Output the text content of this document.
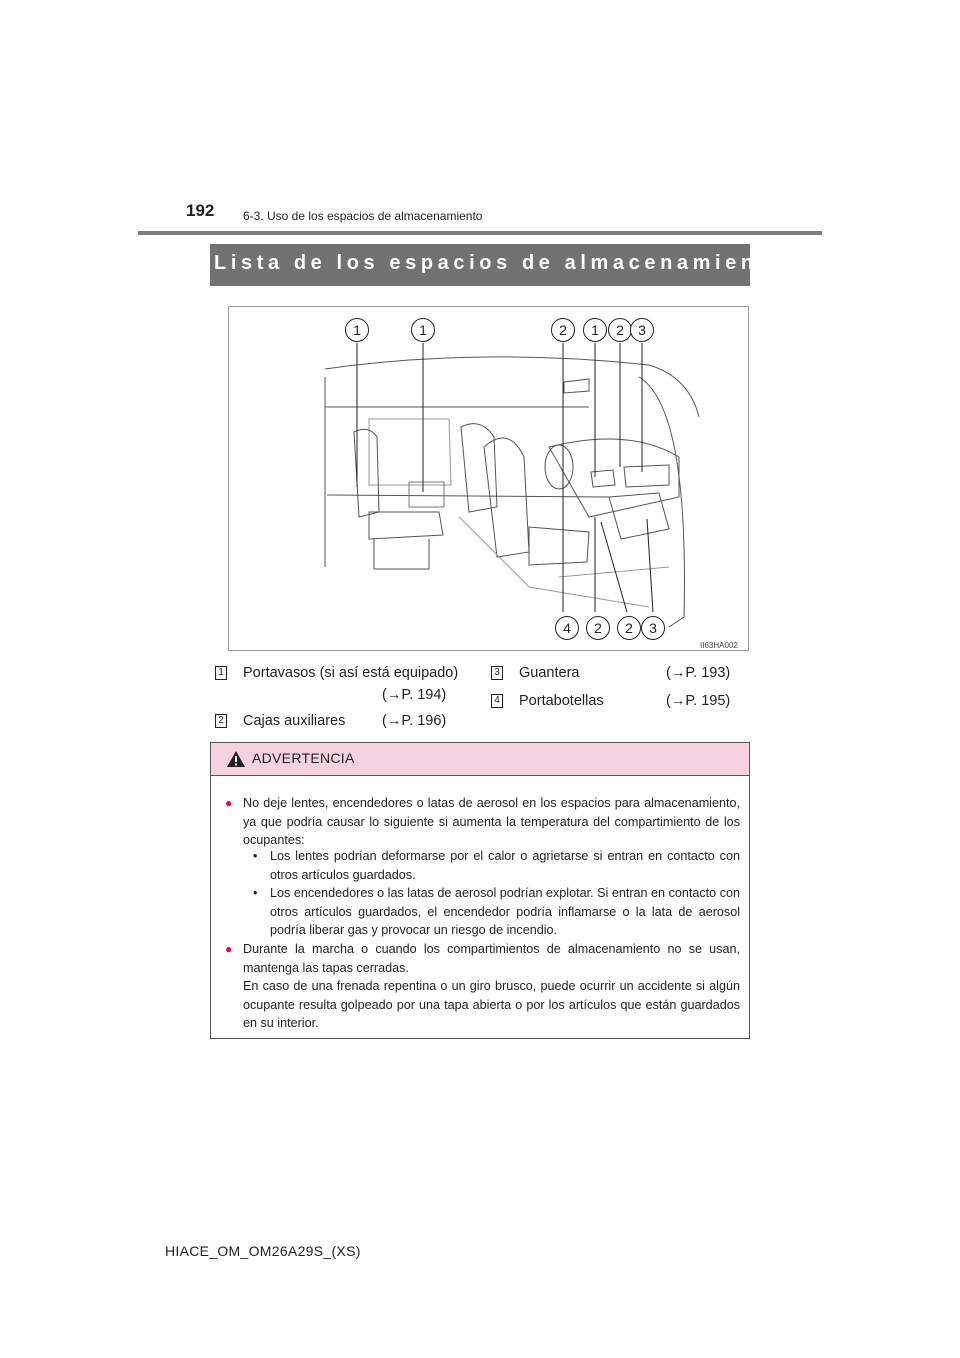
192 6-3. Uso de los espacios de almacenamiento
Lista de los espacios de almacenamiento
1	1	2	1	2	3
4	2	2	3
II63HA002
1 Portavasos (si así está equipado)
(→P. 194)
2 Cajas auxiliares	(→P. 196)
3 Guantera	(→P. 193)
4 Portabotellas	(→P. 195)
ADVERTENCIA
● No deje lentes, encendedores o latas de aerosol en los espacios para almacenamiento, ya que podría causar lo siguiente si aumenta la temperatura del compartimiento de los ocupantes:
• Los lentes podrían deformarse por el calor o agrietarse si entran en contacto con otros artículos guardados.
• Los encendedores o las latas de aerosol podrían explotar. Si entran en contacto con otros artículos guardados, el encendedor podría inflamarse o la lata de aerosol podría liberar gas y provocar un riesgo de incendio.
● Durante la marcha o cuando los compartimientos de almacenamiento no se usan, mantenga las tapas cerradas.
En caso de una frenada repentina o un giro brusco, puede ocurrir un accidente si algún ocupante resulta golpeado por una tapa abierta o por los artículos que están guardados en su interior.
HIACE_OM_OM26A29S_(XS)
